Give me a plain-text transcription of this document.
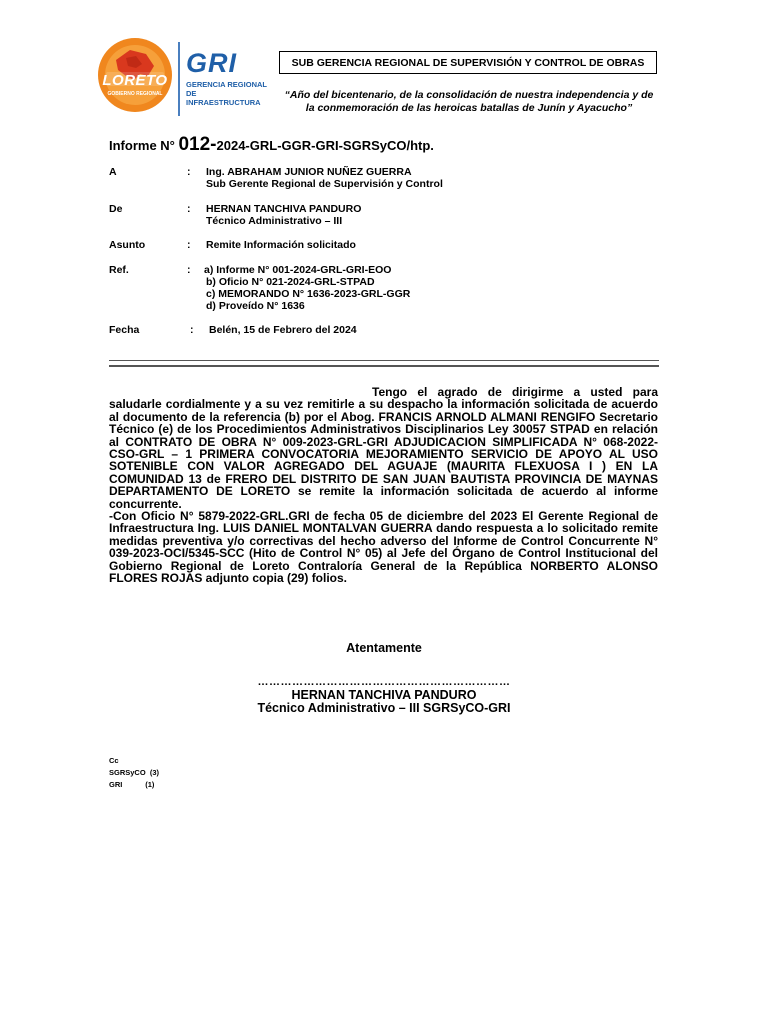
LORETO
GOBIERNO REGIONAL
GRI
GERENCIA REGIONAL
DE INFRAESTRUCTURA
SUB GERENCIA REGIONAL DE SUPERVISIÓN Y CONTROL DE OBRAS
“Año del bicentenario, de la consolidación de nuestra independencia y de
la conmemoración de las heroicas batallas de Junín y Ayacucho”
Informe N° 012-2024-GRL-GGR-GRI-SGRSyCO/htp.
A	: Ing. ABRAHAM JUNIOR NUÑEZ GUERRA
Sub Gerente Regional de Supervisión y Control
De	: HERNAN TANCHIVA PANDURO
Técnico Administrativo – III
Asunto	: Remite Información solicitado
Ref.	: a) Informe N° 001-2024-GRL-GRI-EOO
b) Oficio N° 021-2024-GRL-STPAD
c) MEMORANDO N° 1636-2023-GRL-GGR
d) Proveído N° 1636
Fecha	: Belén, 15 de Febrero del 2024

Tengo el agrado de dirigirme a usted para saludarle cordialmente y a su vez remitirle a su despacho la información solicitada de acuerdo al documento de la referencia (b) por el Abog. FRANCIS ARNOLD ALMANI RENGIFO Secretario Técnico (e) de los Procedimientos Administrativos Disciplinarios Ley 30057 STPAD en relación al CONTRATO DE OBRA N° 009-2023-GRL-GRI ADJUDICACION SIMPLIFICADA N° 068-2022-CSO-GRL – 1 PRIMERA CONVOCATORIA MEJORAMIENTO SERVICIO DE APOYO AL USO SOTENIBLE CON VALOR AGREGADO DEL AGUAJE (MAURITA FLEXUOSA I ) EN LA COMUNIDAD 13 de FRERO DEL DISTRITO DE SAN JUAN BAUTISTA PROVINCIA DE MAYNAS DEPARTAMENTO DE LORETO se remite la información solicitada de acuerdo al informe concurrente.

-Con Oficio N° 5879-2022-GRL.GRI de fecha 05 de diciembre del 2023 El Gerente Regional de Infraestructura Ing. LUIS DANIEL MONTALVAN GUERRA dando respuesta a lo solicitado remite medidas preventiva y/o correctivas del hecho adverso del Informe de Control Concurrente N° 039-2023-OCI/5345-SCC (Hito de Control N° 05) al Jefe del Órgano de Control Institucional del Gobierno Regional de Loreto Contraloría General de la República NORBERTO ALONSO FLORES ROJAS adjunto copia (29) folios.

Atentamente
…………………………………………………………
HERNAN TANCHIVA PANDURO
Técnico Administrativo – III SGRSyCO-GRI
Cc
SGRSyCO  (3)
GRI           (1)
